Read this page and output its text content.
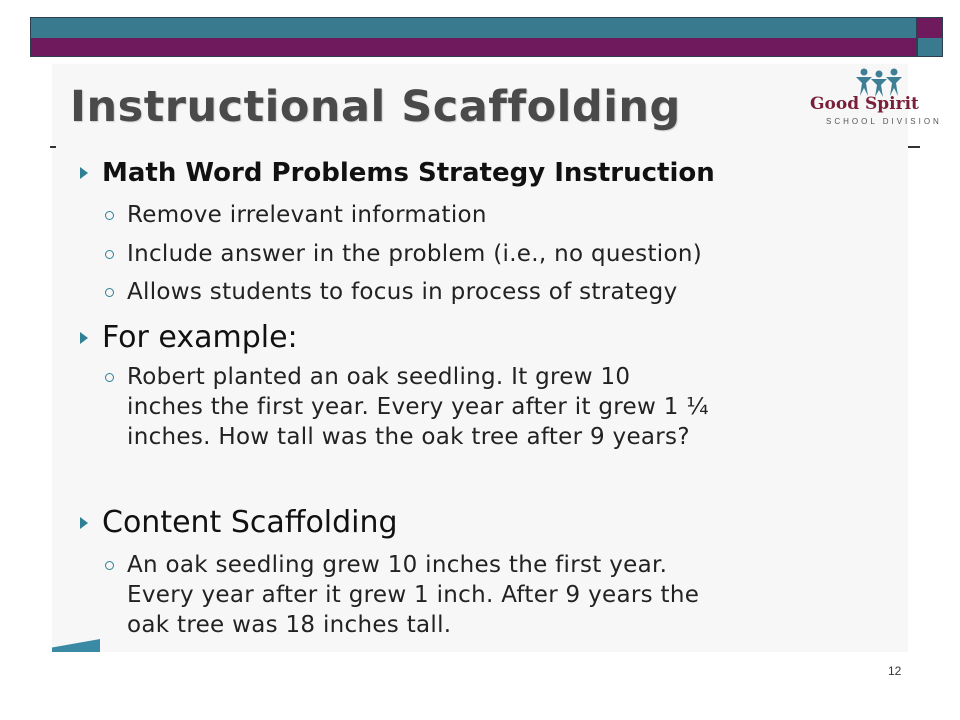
Instructional Scaffolding	Good Spirit
SCHOOL DIVISION
Math Word Problems Strategy Instruction
Remove irrelevant information
Include answer in the problem (i.e., no question)
Allows students to focus in process of strategy
For example:
Robert planted an oak seedling. It grew 10
inches the first year. Every year after it grew 1 ¼
inches. How tall was the oak tree after 9 years?
Content Scaffolding
An oak seedling grew 10 inches the first year.
Every year after it grew 1 inch. After 9 years the
oak tree was 18 inches tall.
12
